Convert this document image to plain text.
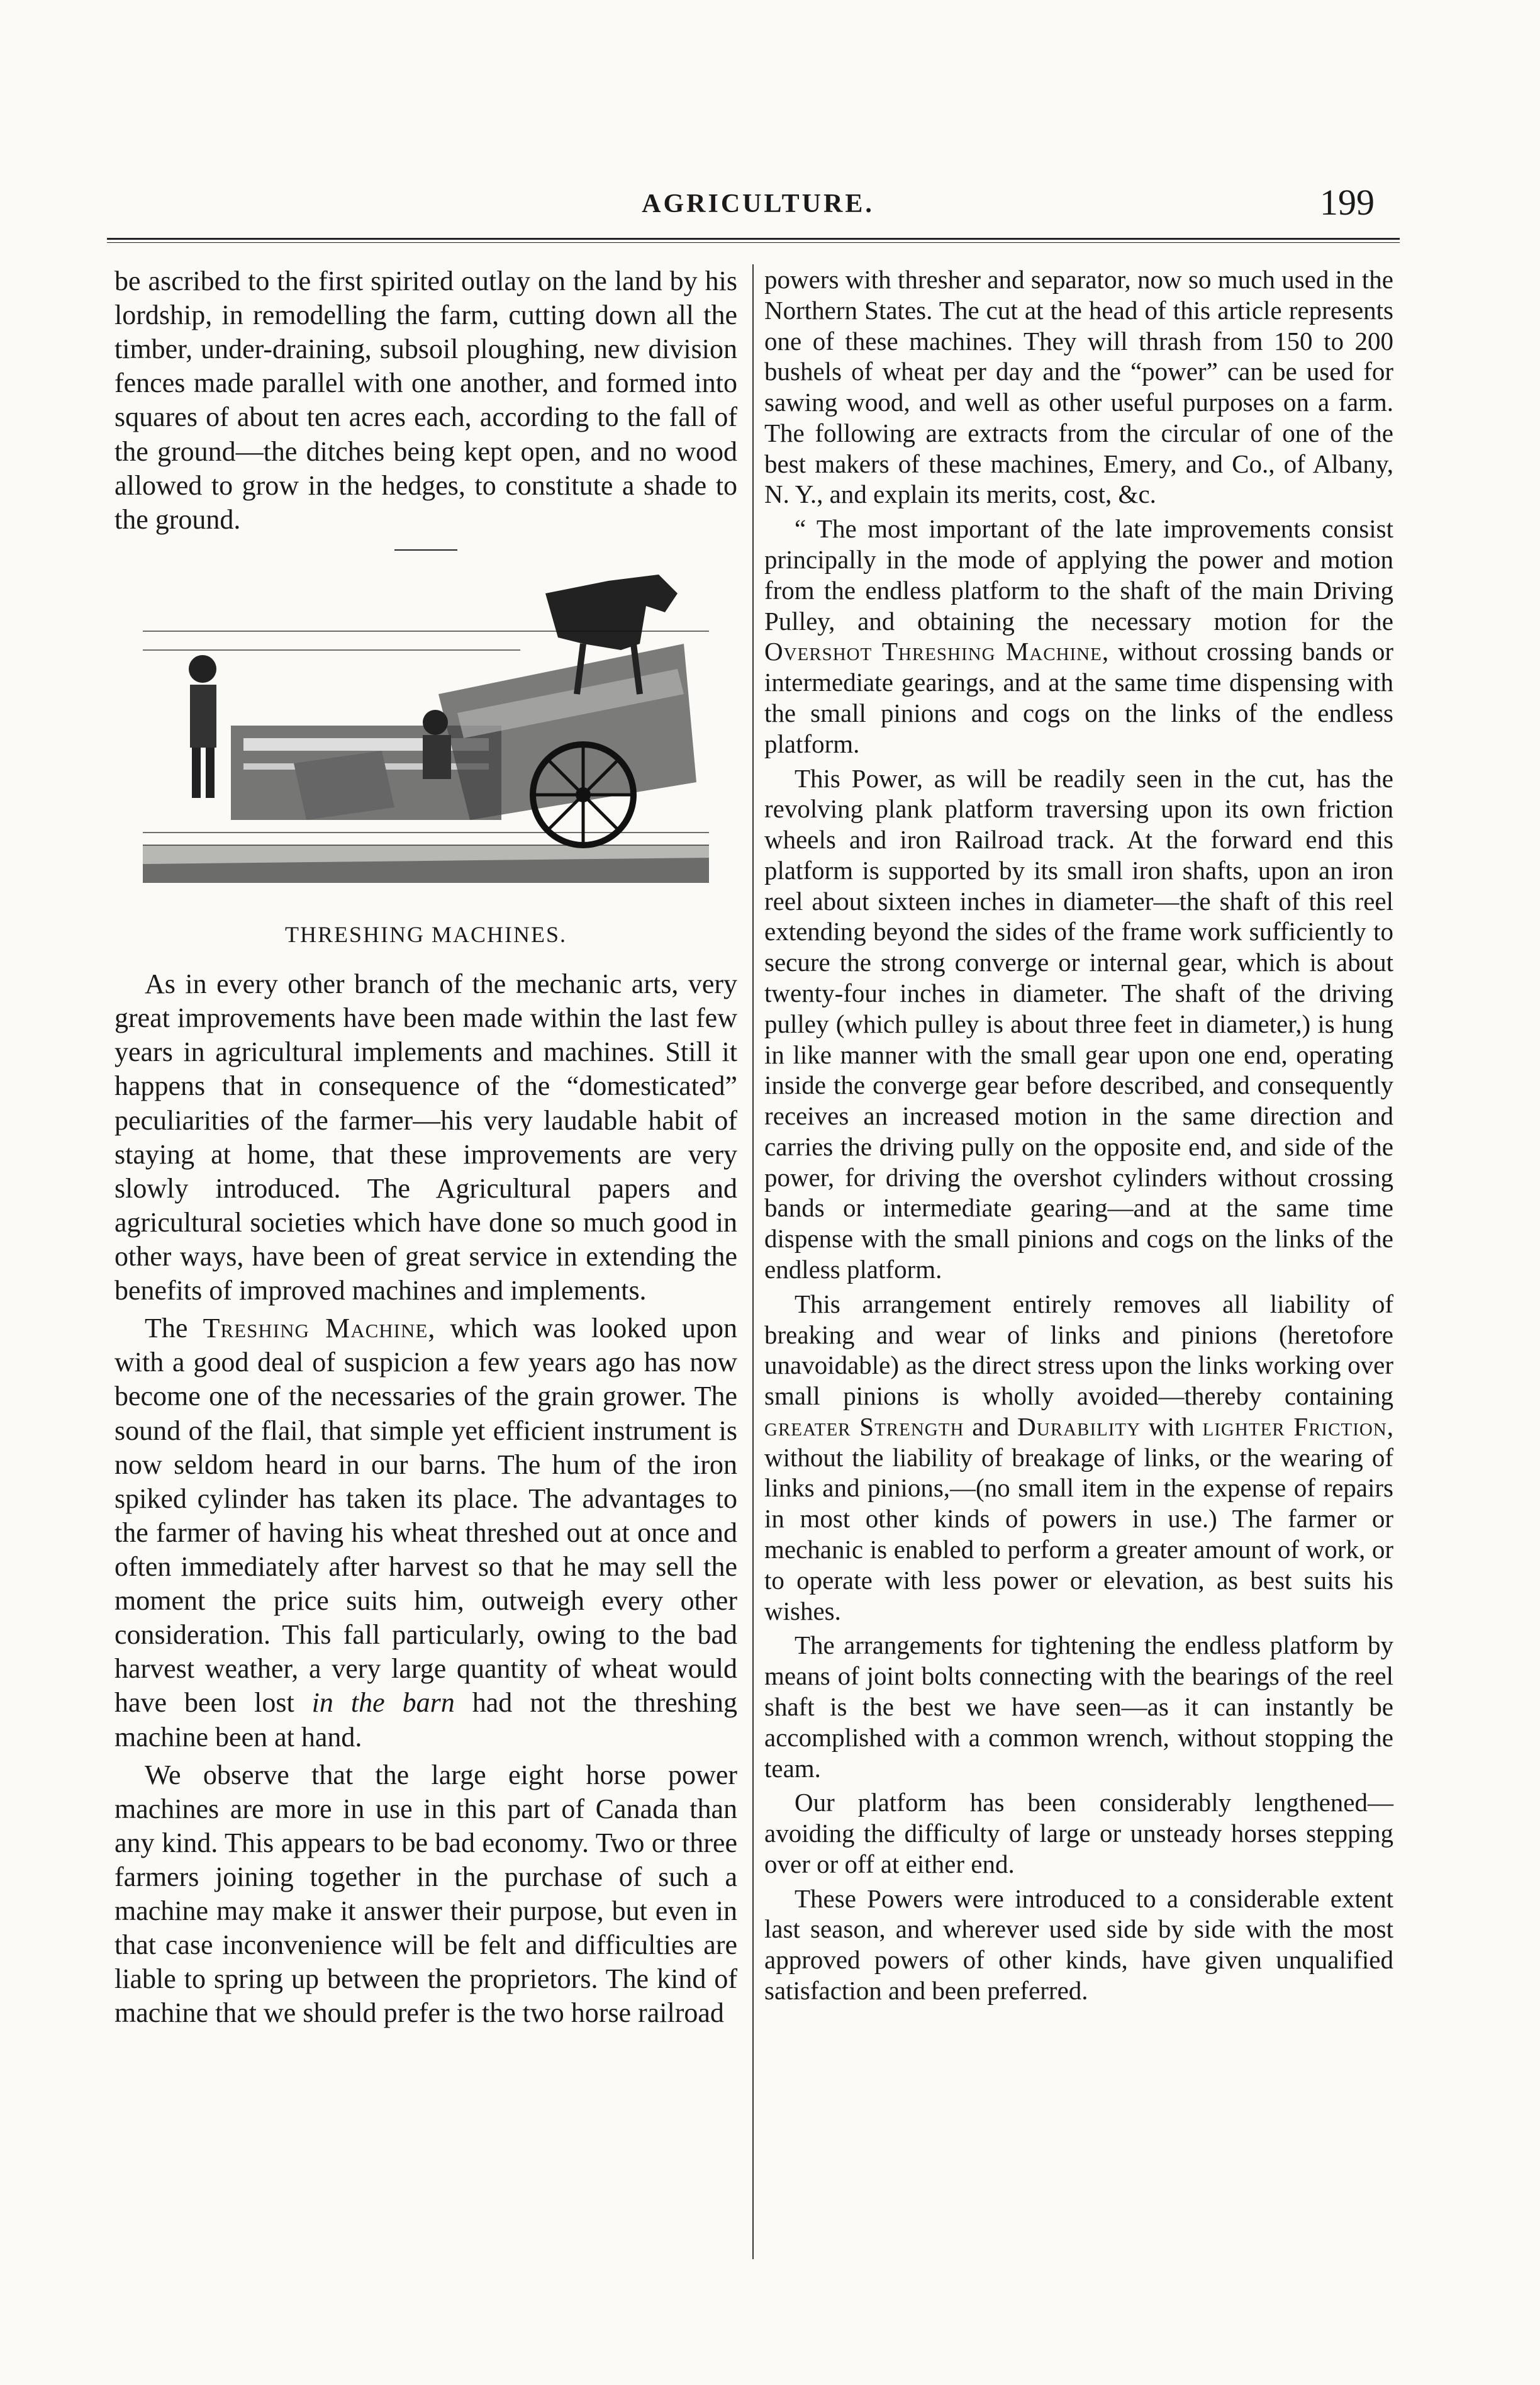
AGRICULTURE.	199

be ascribed to the first spirited outlay on the land by his lordship, in remodelling the farm, cutting down all the timber, under-draining, subsoil ploughing, new division fences made parallel with one another, and formed into squares of about ten acres each, according to the fall of the ground—the ditches being kept open, and no wood allowed to grow in the hedges, to constitute a shade to the ground.

THRESHING MACHINES.

As in every other branch of the mechanic arts, very great improvements have been made within the last few years in agricultural implements and machines. Still it happens that in consequence of the “domesticated” peculiarities of the farmer—his very laudable habit of staying at home, that these improvements are very slowly introduced. The Agricultural papers and agricultural societies which have done so much good in other ways, have been of great service in extending the benefits of improved machines and implements.

The Treshing Machine, which was looked upon with a good deal of suspicion a few years ago has now become one of the necessaries of the grain grower. The sound of the flail, that simple yet efficient instrument is now seldom heard in our barns. The hum of the iron spiked cylinder has taken its place. The advantages to the farmer of having his wheat threshed out at once and often immediately after harvest so that he may sell the moment the price suits him, outweigh every other consideration. This fall particularly, owing to the bad harvest weather, a very large quantity of wheat would have been lost in the barn had not the threshing machine been at hand.

We observe that the large eight horse power machines are more in use in this part of Canada than any kind. This appears to be bad economy. Two or three farmers joining together in the purchase of such a machine may make it answer their purpose, but even in that case inconvenience will be felt and difficulties are liable to spring up between the proprietors. The kind of machine that we should prefer is the two horse railroad

powers with thresher and separator, now so much used in the Northern States. The cut at the head of this article represents one of these machines. They will thrash from 150 to 200 bushels of wheat per day and the “power” can be used for sawing wood, and well as other useful purposes on a farm. The following are extracts from the circular of one of the best makers of these machines, Emery, and Co., of Albany, N. Y., and explain its merits, cost, &c.

“ The most important of the late improvements consist principally in the mode of applying the power and motion from the endless platform to the shaft of the main Driving Pulley, and obtaining the necessary motion for the Overshot Threshing Machine, without crossing bands or intermediate gearings, and at the same time dispensing with the small pinions and cogs on the links of the endless platform.

This Power, as will be readily seen in the cut, has the revolving plank platform traversing upon its own friction wheels and iron Railroad track. At the forward end this platform is supported by its small iron shafts, upon an iron reel about sixteen inches in diameter—the shaft of this reel extending beyond the sides of the frame work sufficiently to secure the strong converge or internal gear, which is about twenty-four inches in diameter. The shaft of the driving pulley (which pulley is about three feet in diameter,) is hung in like manner with the small gear upon one end, operating inside the converge gear before described, and consequently receives an increased motion in the same direction and carries the driving pully on the opposite end, and side of the power, for driving the overshot cylinders without crossing bands or intermediate gearing—and at the same time dispense with the small pinions and cogs on the links of the endless platform.

This arrangement entirely removes all liability of breaking and wear of links and pinions (heretofore unavoidable) as the direct stress upon the links working over small pinions is wholly avoided—thereby containing greater Strength and Durability with lighter Friction, without the liability of breakage of links, or the wearing of links and pinions,—(no small item in the expense of repairs in most other kinds of powers in use.) The farmer or mechanic is enabled to perform a greater amount of work, or to operate with less power or elevation, as best suits his wishes.

The arrangements for tightening the endless platform by means of joint bolts connecting with the bearings of the reel shaft is the best we have seen—as it can instantly be accomplished with a common wrench, without stopping the team.

Our platform has been considerably lengthened—avoiding the difficulty of large or unsteady horses stepping over or off at either end.

These Powers were introduced to a considerable extent last season, and wherever used side by side with the most approved powers of other kinds, have given unqualified satisfaction and been preferred.
